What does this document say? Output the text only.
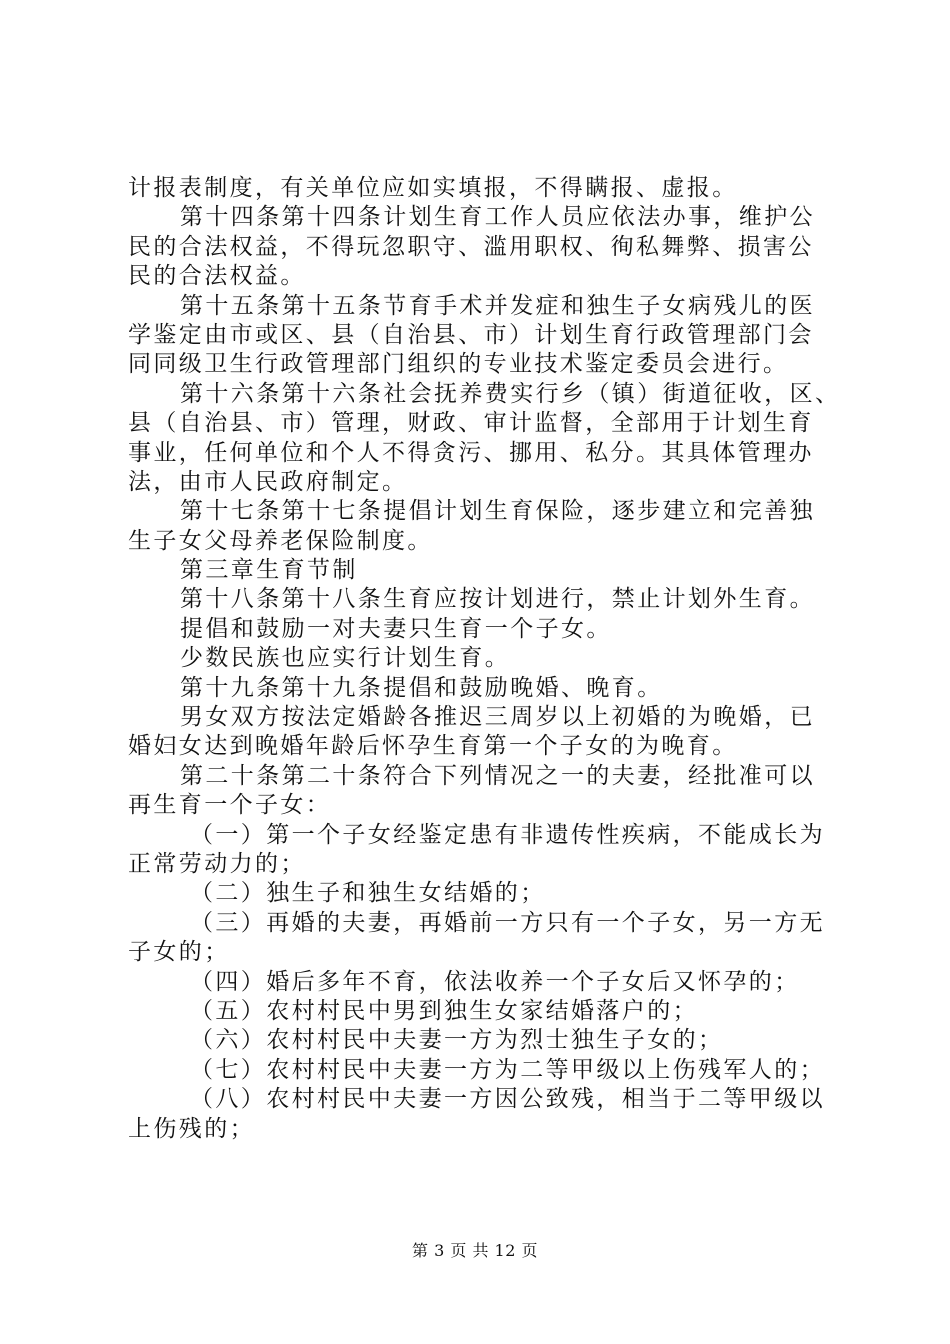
计报表制度，有关单位应如实填报，不得瞒报、虚报。
第十四条第十四条计划生育工作人员应依法办事，维护公
民的合法权益，不得玩忽职守、滥用职权、徇私舞弊、损害公
民的合法权益。
第十五条第十五条节育手术并发症和独生子女病残儿的医
学鉴定由市或区、县（自治县、市）计划生育行政管理部门会
同同级卫生行政管理部门组织的专业技术鉴定委员会进行。
第十六条第十六条社会抚养费实行乡（镇）街道征收，区、
县（自治县、市）管理，财政、审计监督，全部用于计划生育
事业，任何单位和个人不得贪污、挪用、私分。其具体管理办
法，由市人民政府制定。
第十七条第十七条提倡计划生育保险，逐步建立和完善独
生子女父母养老保险制度。
第三章生育节制
第十八条第十八条生育应按计划进行，禁止计划外生育。
提倡和鼓励一对夫妻只生育一个子女。
少数民族也应实行计划生育。
第十九条第十九条提倡和鼓励晚婚、晚育。
男女双方按法定婚龄各推迟三周岁以上初婚的为晚婚，已
婚妇女达到晚婚年龄后怀孕生育第一个子女的为晚育。
第二十条第二十条符合下列情况之一的夫妻，经批准可以
再生育一个子女：
（一）第一个子女经鉴定患有非遗传性疾病，不能成长为
正常劳动力的；
（二）独生子和独生女结婚的；
（三）再婚的夫妻，再婚前一方只有一个子女，另一方无
子女的；
（四）婚后多年不育，依法收养一个子女后又怀孕的；
（五）农村村民中男到独生女家结婚落户的；
（六）农村村民中夫妻一方为烈士独生子女的；
（七）农村村民中夫妻一方为二等甲级以上伤残军人的；
（八）农村村民中夫妻一方因公致残，相当于二等甲级以
上伤残的；
第 3 页 共 12 页
